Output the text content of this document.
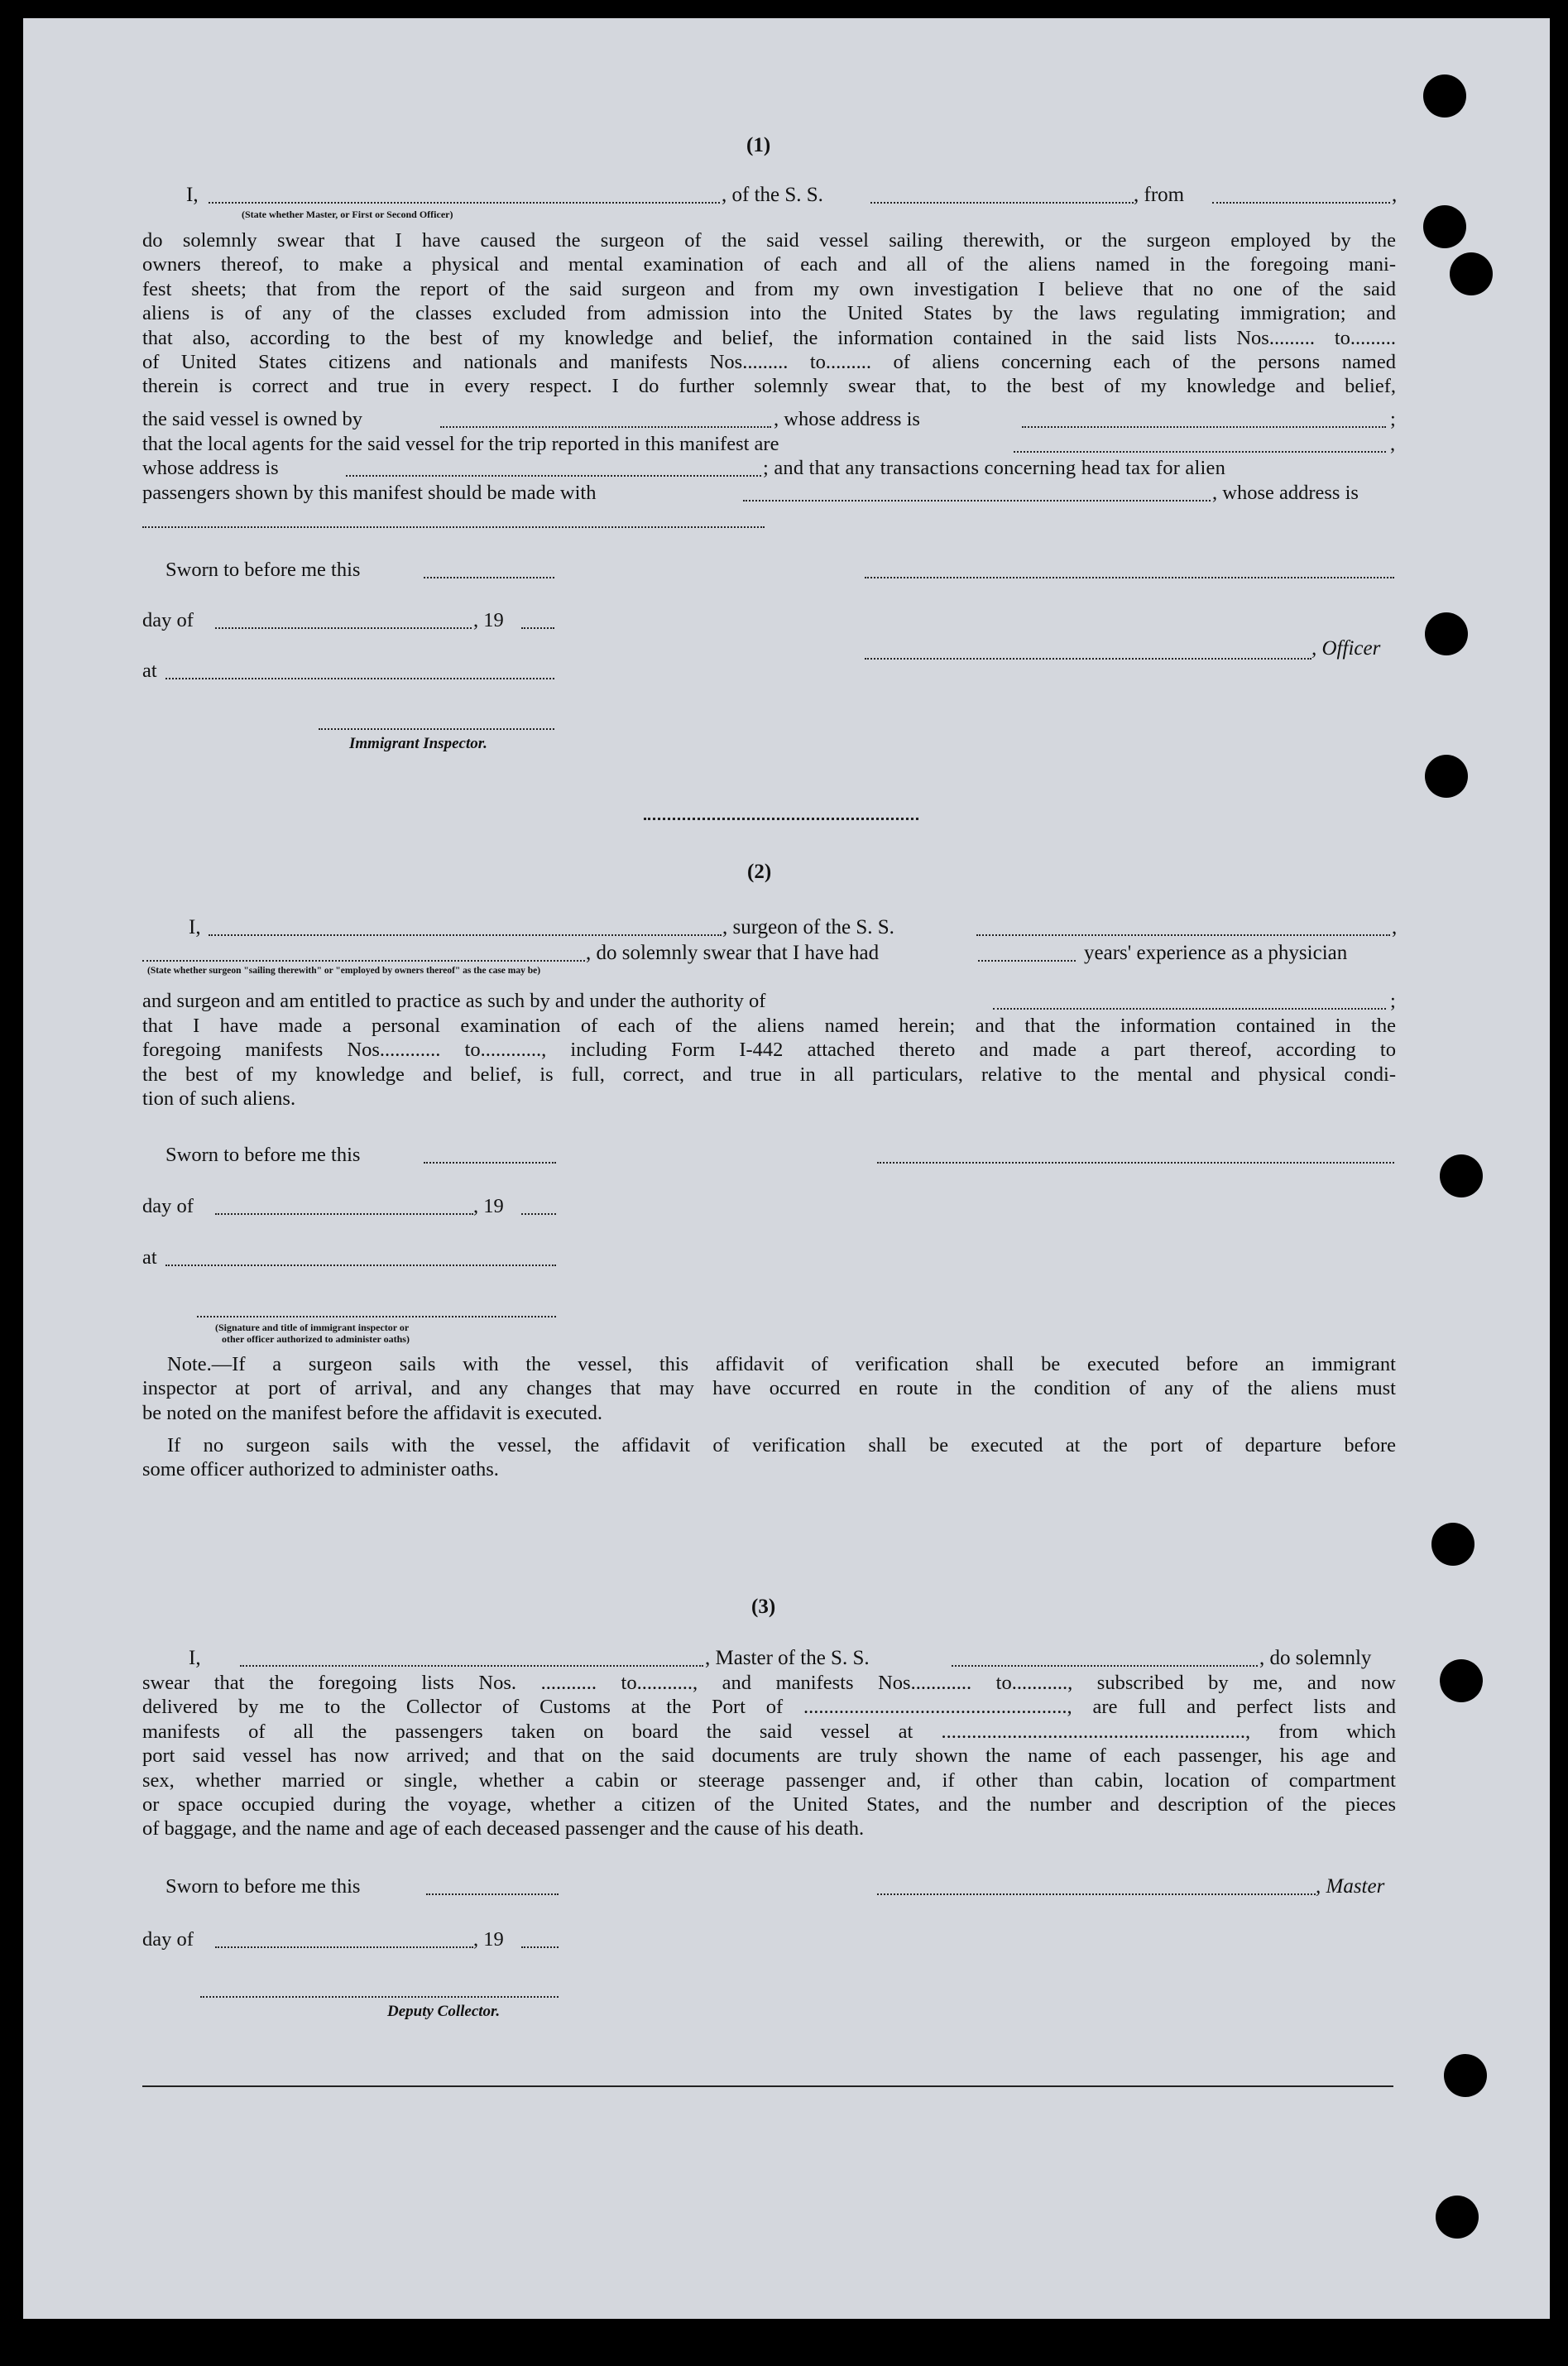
(1)
I,	, of the S. S.	, from	,
(State whether Master, or First or Second Officer)
do solemnly swear that I have caused the surgeon of the said vessel sailing therewith, or the surgeon employed by the
owners thereof, to make a physical and mental examination of each and all of the aliens named in the foregoing mani-
fest sheets; that from the report of the said surgeon and from my own investigation I believe that no one of the said
aliens is of any of the classes excluded from admission into the United States by the laws regulating immigration; and
that also, according to the best of my knowledge and belief, the information contained in the said lists Nos......... to.........
of United States citizens and nationals and manifests Nos......... to......... of aliens concerning each of the persons named
therein is correct and true in every respect. I do further solemnly swear that, to the best of my knowledge and belief,
the said vessel is owned by	, whose address is	;
that the local agents for the said vessel for the trip reported in this manifest are	,
whose address is	; and that any transactions concerning head tax for alien
passengers shown by this manifest should be made with	, whose address is
Sworn to before me this
day of	, 19
, Officer
at
Immigrant Inspector.
(2)
I,	, surgeon of the S. S.	,
, do solemnly swear that I have had	years' experience as a physician
(State whether surgeon "sailing therewith" or "employed by owners thereof" as the case may be)
and surgeon and am entitled to practice as such by and under the authority of	;
that I have made a personal examination of each of the aliens named herein; and that the information contained in the
foregoing manifests Nos............ to............, including Form I-442 attached thereto and made a part thereof, according to
the best of my knowledge and belief, is full, correct, and true in all particulars, relative to the mental and physical condi-
tion of such aliens.
Sworn to before me this
day of	, 19
at
(Signature and title of immigrant inspector or
other officer authorized to administer oaths)
Note.—If a surgeon sails with the vessel, this affidavit of verification shall be executed before an immigrant
inspector at port of arrival, and any changes that may have occurred en route in the condition of any of the aliens must
be noted on the manifest before the affidavit is executed.
If no surgeon sails with the vessel, the affidavit of verification shall be executed at the port of departure before
some officer authorized to administer oaths.
(3)
I,	, Master of the S. S.	, do solemnly
swear that the foregoing lists Nos. ........... to..........., and manifests Nos............ to..........., subscribed by me, and now
delivered by me to the Collector of Customs at the Port of ...................................................., are full and perfect lists and
manifests of all the passengers taken on board the said vessel at ............................................................, from which
port said vessel has now arrived; and that on the said documents are truly shown the name of each passenger, his age and
sex, whether married or single, whether a cabin or steerage passenger and, if other than cabin, location of compartment
or space occupied during the voyage, whether a citizen of the United States, and the number and description of the pieces
of baggage, and the name and age of each deceased passenger and the cause of his death.
Sworn to before me this	, Master
day of	, 19
Deputy Collector.
